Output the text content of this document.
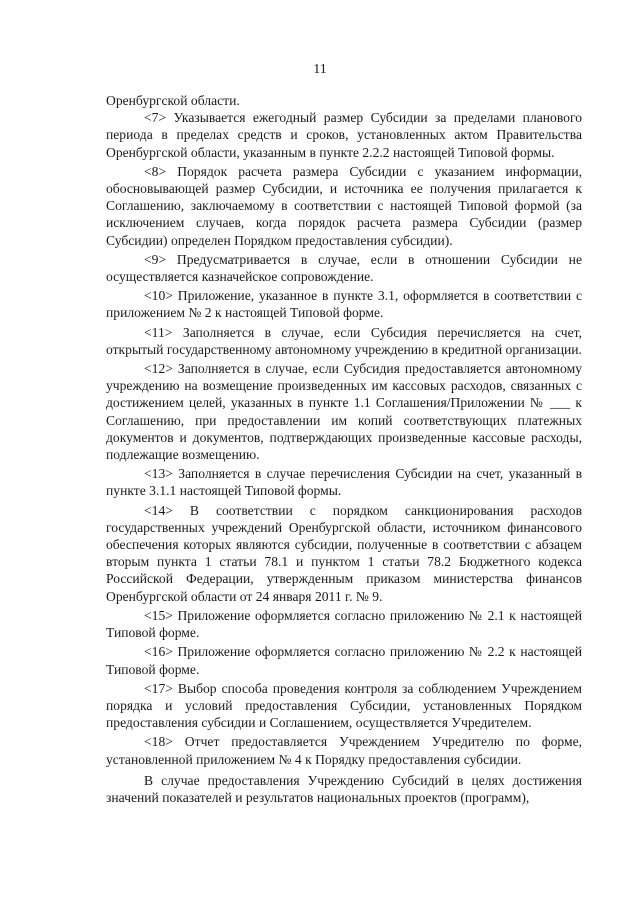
11

Оренбургской области.

<7> Указывается ежегодный размер Субсидии за пределами планового периода в пределах средств и сроков, установленных актом Правительства Оренбургской области, указанным в пункте 2.2.2 настоящей Типовой формы.

<8> Порядок расчета размера Субсидии с указанием информации, обосновывающей размер Субсидии, и источника ее получения прилагается к Соглашению, заключаемому в соответствии с настоящей Типовой формой (за исключением случаев, когда порядок расчета размера Субсидии (размер Субсидии) определен Порядком предоставления субсидии).

<9> Предусматривается в случае, если в отношении Субсидии не осуществляется казначейское сопровождение.

<10> Приложение, указанное в пункте 3.1, оформляется в соответствии с приложением № 2 к настоящей Типовой форме.

<11> Заполняется в случае, если Субсидия перечисляется на счет, открытый государственному автономному учреждению в кредитной организации.

<12> Заполняется в случае, если Субсидия предоставляется автономному учреждению на возмещение произведенных им кассовых расходов, связанных с достижением целей, указанных в пункте 1.1 Соглашения/Приложении № ___ к Соглашению, при предоставлении им копий соответствующих платежных документов и документов, подтверждающих произведенные кассовые расходы, подлежащие возмещению.

<13> Заполняется в случае перечисления Субсидии на счет, указанный в пункте 3.1.1 настоящей Типовой формы.

<14> В соответствии с порядком санкционирования расходов государственных учреждений Оренбургской области, источником финансового обеспечения которых являются субсидии, полученные в соответствии с абзацем вторым пункта 1 статьи 78.1 и пунктом 1 статьи 78.2 Бюджетного кодекса Российской Федерации, утвержденным приказом министерства финансов Оренбургской области от 24 января 2011 г. № 9.

<15> Приложение оформляется согласно приложению № 2.1 к настоящей Типовой форме.

<16> Приложение оформляется согласно приложению № 2.2 к настоящей Типовой форме.

<17> Выбор способа проведения контроля за соблюдением Учреждением порядка и условий предоставления Субсидии, установленных Порядком предоставления субсидии и Соглашением, осуществляется Учредителем.

<18> Отчет предоставляется Учреждением Учредителю по форме, установленной приложением № 4 к Порядку предоставления субсидии.

В случае предоставления Учреждению Субсидий в целях достижения значений показателей и результатов национальных проектов (программ),
